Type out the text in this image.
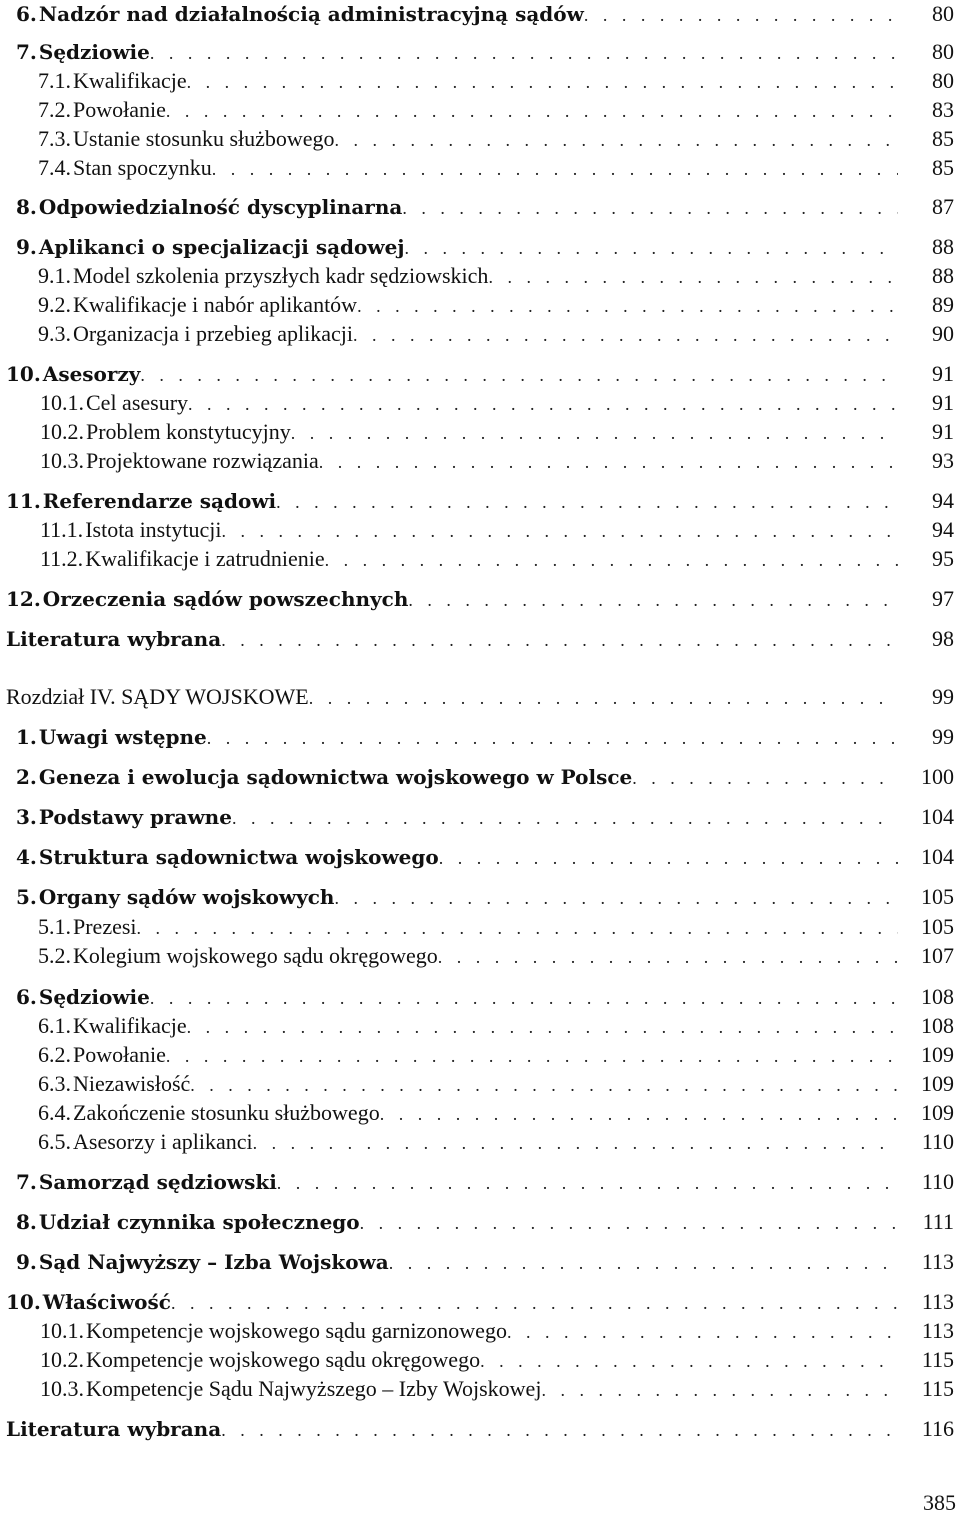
6. Nadzór nad działalnością administracyjną sądów . . .	80
7. Sędziowie . . .	80
7.1. Kwalifikacje . . .	80
7.2. Powołanie . . .	83
7.3. Ustanie stosunku służbowego . . .	85
7.4. Stan spoczynku . . .	85
8. Odpowiedzialność dyscyplinarna . . .	87
9. Aplikanci o specjalizacji sądowej . . .	88
9.1. Model szkolenia przyszłych kadr sędziowskich . . .	88
9.2. Kwalifikacje i nabór aplikantów . . .	89
9.3. Organizacja i przebieg aplikacji . . .	90
10. Asesorzy . . .	91
10.1. Cel asesury . . .	91
10.2. Problem konstytucyjny . . .	91
10.3. Projektowane rozwiązania . . .	93
11. Referendarze sądowi . . .	94
11.1. Istota instytucji . . .	94
11.2. Kwalifikacje i zatrudnienie . . .	95
12. Orzeczenia sądów powszechnych . . .	97
Literatura wybrana . . .	98
Rozdział IV. SĄDY WOJSKOWE . . .	99
1. Uwagi wstępne . . .	99
2. Geneza i ewolucja sądownictwa wojskowego w Polsce . . .	100
3. Podstawy prawne . . .	104
4. Struktura sądownictwa wojskowego . . .	104
5. Organy sądów wojskowych . . .	105
5.1. Prezesi . . .	105
5.2. Kolegium wojskowego sądu okręgowego . . .	107
6. Sędziowie . . .	108
6.1. Kwalifikacje . . .	108
6.2. Powołanie . . .	109
6.3. Niezawisłość . . .	109
6.4. Zakończenie stosunku służbowego . . .	109
6.5. Asesorzy i aplikanci . . .	110
7. Samorząd sędziowski . . .	110
8. Udział czynnika społecznego . . .	111
9. Sąd Najwyższy – Izba Wojskowa . . .	113
10. Właściwość . . .	113
10.1. Kompetencje wojskowego sądu garnizonowego . . .	113
10.2. Kompetencje wojskowego sądu okręgowego . . .	115
10.3. Kompetencje Sądu Najwyższego – Izby Wojskowej . . .	115
Literatura wybrana . . .	116
385
